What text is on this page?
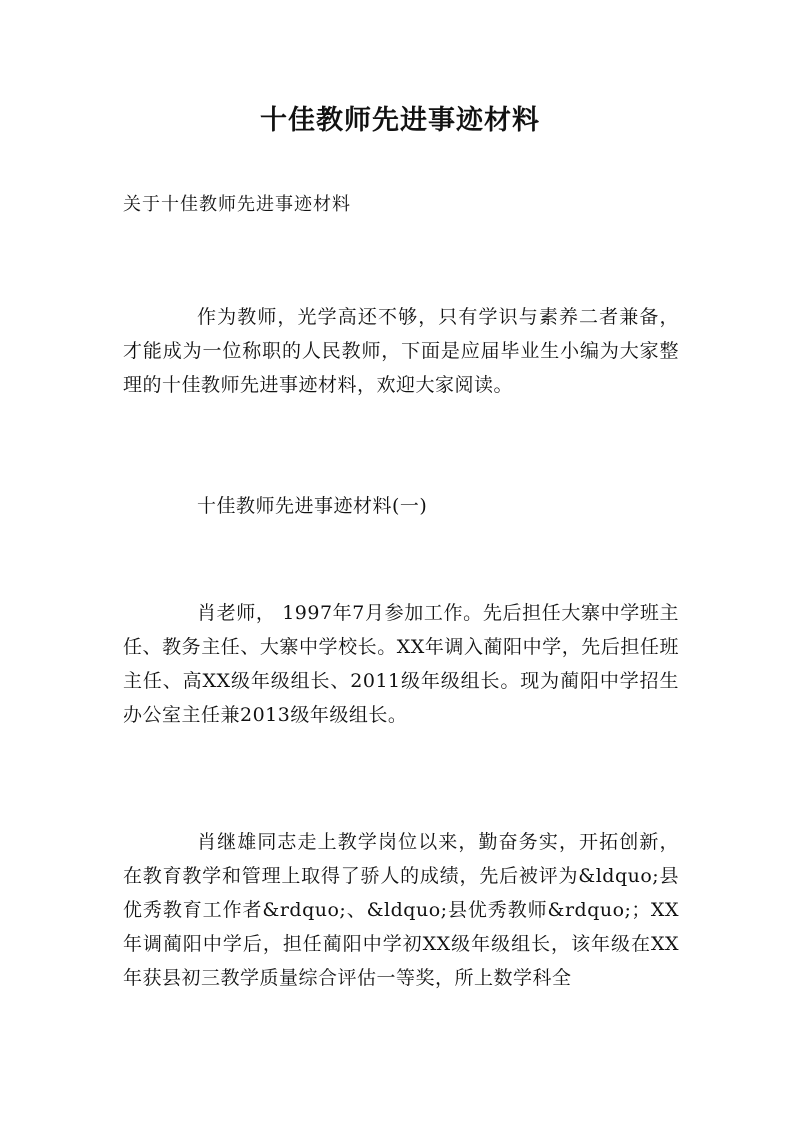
十佳教师先进事迹材料

关于十佳教师先进事迹材料

作为教师，光学高还不够，只有学识与素养二者兼备，才能成为一位称职的人民教师，下面是应届毕业生小编为大家整理的十佳教师先进事迹材料，欢迎大家阅读。

十佳教师先进事迹材料(一)

肖老师， 1997年7月参加工作。先后担任大寨中学班主任、教务主任、大寨中学校长。XX年调入蔺阳中学，先后担任班主任、高XX级年级组长、2011级年级组长。现为蔺阳中学招生办公室主任兼2013级年级组长。

肖继雄同志走上教学岗位以来，勤奋务实，开拓创新，在教育教学和管理上取得了骄人的成绩，先后被评为&ldquo;县优秀教育工作者&rdquo;、&ldquo;县优秀教师&rdquo;；XX年调蔺阳中学后，担任蔺阳中学初XX级年级组长，该年级在XX年获县初三教学质量综合评估一等奖，所上数学科全
